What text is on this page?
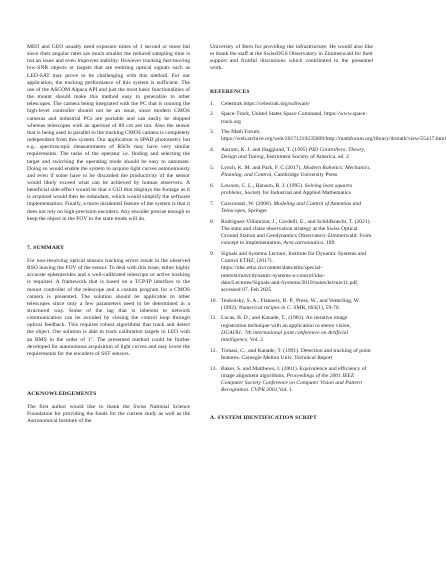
MEO and GEO usually need exposure times of 1 second or more but since their angular rates are much smaller the reduced sampling time is not an issue and even improves stability. However tracking fast-moving low-SNR objects or targets that are emitting optical signals such as LED-SAT may prove to be challenging with this method. For our application, the tracking performance of this system is sufficient. The use of the ASCOM Alpaca API and just the most basic functionalities of the mount should make this method easy to generalize to other telescopes. The camera being integrated with the PC that is running the high-level controller should not be an issue, since modern CMOS cameras and industrial PCs are portable and can easily be shipped whereas telescopes with an aperture of 80 cm are not. Also the sensor that is being used in parallel to the tracking CMOS camera is completely independent from this system. Our application is SPAD photometry but e.g.. spectroscopic measurements of RSOs may have very similar requirements. The tasks of the operator i.e. finding and selecting the target and switching the operating mode should be easy to automate. Doing so would enable the system to acquire light curves autonomously and even if some have to be discarded the productivity of the sensor would likely exceed what can be achieved by human observers. A beneficial side-effect would be that a GUI that displays the footage as it is acquired would then be redundant, which would simplify the software implementation. Finally, a more incidental feature of the system is that it does not rely on high-precision encoders. Any encoder precise enough to keep the object in the FOV in the stare mode will do.

7. SUMMARY

For non-resolving optical sensors tracking errors result in the observed RSO leaving the FOV of the sensor. To deal with this issue, either highly accurate ephemerides and a well-calibrated telescope or active tracking is required. A framework that is based on a TCP/IP interface to the mount controller of the telescope and a custom program for a CMOS camera is presented. The solution should be applicable to other telescopes since only a few parameters need to be determined in a structured way. Some of the lag that is inherent to network communication can be avoided by closing the control loop through optical feedback. This requires robust algorithms that track and detect the object. Our solution is able to track calibration targets in LEO with an RMS in the order of 1″. The presented method could be further developed for autonomous acquisition of light curves and may lower the requirements for the encoders of SST sensors.

ACKNOWLEDGEMENTS

The first author would like to thank the Swiss National Science Foundation for providing the funds for the current study as well as the Astronomical Institute of the

University of Bern for providing the infrastructure. He would also like to thank the staff at the SwissOGS Observatory in Zimmerwald for their support and fruitful discussions which contributed to the presented work.

REFERENCES
1. Celestrak https://celestrak.org/software/
2. Space-Track, United States Space Command, https://www.space-track.org
3. The Math Forum, https://web.archive.org/web/20171219235009/http://mathforum.org/library/drmath/view/55417.html
4. Astrom, K. J. and Hagglund, T. (1995) PID Controllers: Theory, Design and Tuning, Instrument Society of America, ed. 2
5. Lynch, K. M. and Park, F. C.(2017), Modern Robotics: Mechanics, Planning, and Control, Cambridge University Press
6. Lawson, C. L., Hanson, R. J. (1995). Solving least squares problems, Society for Industrial and Applied Mathematics
7. Gawronski, W. (2008). Modeling and Control of Antennas and Telescopes, Springer
8. Rodriguez-Villamizar, J., Cordelli, E., and Schildknecht, T. (2021). The stare and chase observation strategy at the Swiss Optical Ground Station and Geodynamics Observatory Zimmerwald: From concept to implementation, Acta astronautica, 189
9. Signals and Systems Lecture, Institute for Dynamic Systems and Control ETHZ, (2017). https://idsc.ethz.ch/content/dam/ethz/special-interest/mavt/dynamic-systems-n-control/idsc-dam/Lectures/Signals-and-Systems/2019/notes/lecture11.pdf, accessed 07. Feb 2025
10. Teukolsky, S. A., Flannery, B. P., Press, W., and Vetterling, W. (1992). Numerical recipes in C. SMR, 693(1), 59-70.
11. Lucas, B. D., and Kanade, T., (1981). An iterative image registration technique with an application to stereo vision, IJCAI'81: 7th international joint conference on Artificial intelligence, Vol. 2
12. Tomasi, C., and Kanade, T. (1991). Detection and tracking of point features. Carnegie Mellon Univ. Technical Report
13. Baker, S. and Matthews, I. (2001). Equivalence and efficiency of image alignment algorithms, Proceedings of the 2001 IEEE Computer Society Conference on Computer Vision and Pattern Recognition. CVPR 2001,Vol. 1
A. SYSTEM IDENTIFICATION SCRIPT
